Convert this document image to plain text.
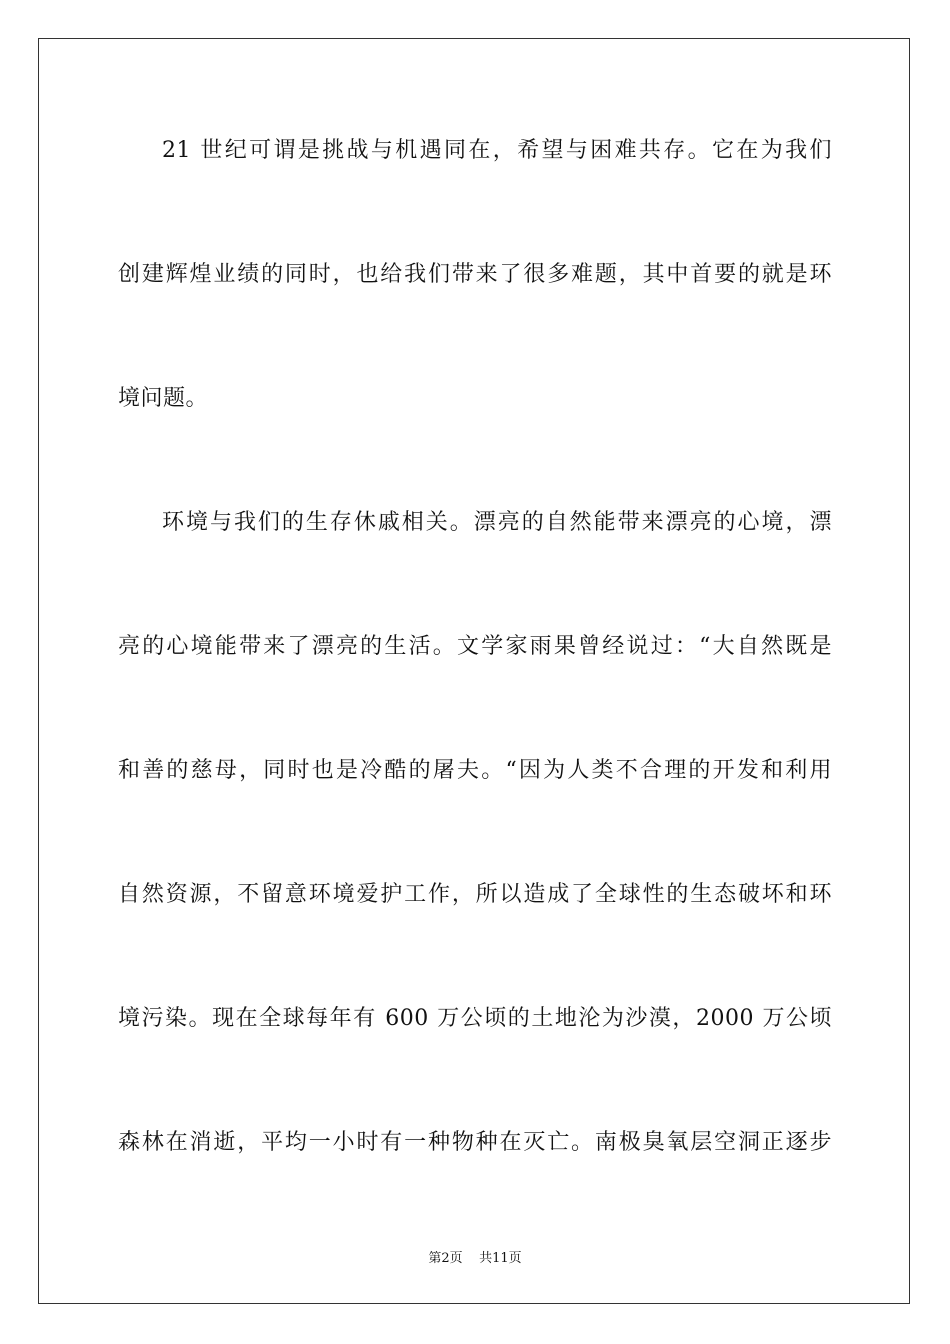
21 世纪可谓是挑战与机遇同在，希望与困难共存。它在为我们
创建辉煌业绩的同时，也给我们带来了很多难题，其中首要的就是环
境问题。
环境与我们的生存休戚相关。漂亮的自然能带来漂亮的心境，漂
亮的心境能带来了漂亮的生活。文学家雨果曾经说过：“大自然既是
和善的慈母，同时也是冷酷的屠夫。“因为人类不合理的开发和利用
自然资源，不留意环境爱护工作，所以造成了全球性的生态破坏和环
境污染。现在全球每年有 600 万公顷的土地沦为沙漠，2000 万公顷
森林在消逝，平均一小时有一种物种在灭亡。南极臭氧层空洞正逐步
第2页 共11页
